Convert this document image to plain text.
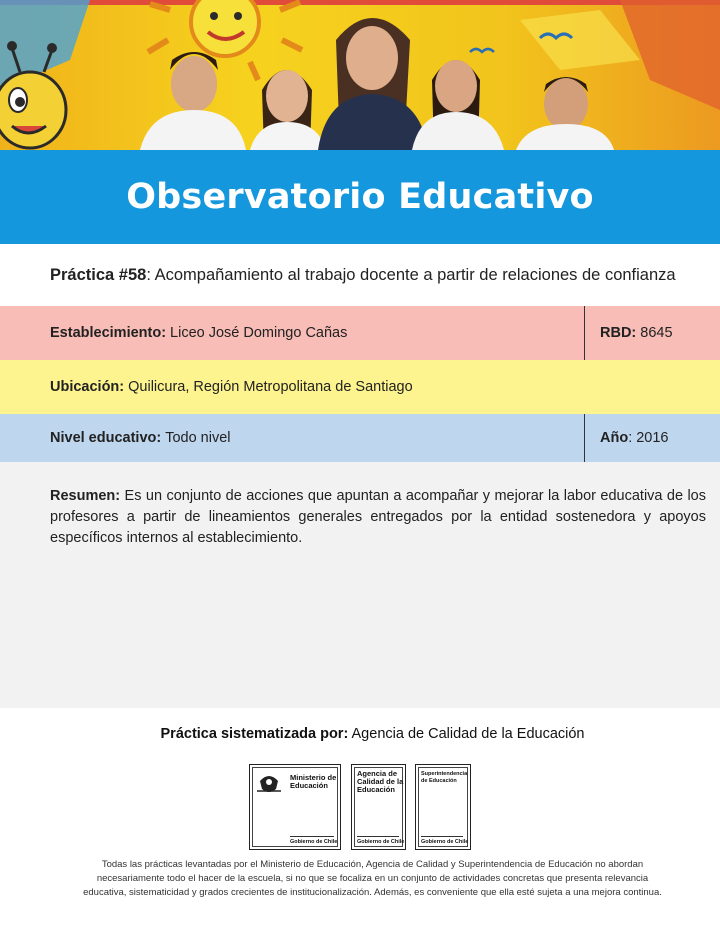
Observatorio Educativo
Práctica #58 : Acompañamiento al trabajo docente a partir de relaciones de confianza
Establecimiento: Liceo José Domingo Cañas	RBD: 8645
Ubicación: Quilicura, Región Metropolitana de Santiago
Nivel educativo: Todo nivel	Año : 2016
Resumen: Es un conjunto de acciones que apuntan a acompañar y mejorar la labor educativa de los profesores a partir de lineamientos generales entregados por la entidad sostenedora y apoyos específicos internos al establecimiento.
Práctica sistematizada por: Agencia de Calidad de la Educación
Ministerio de
Educación
Gobierno de Chile
Agencia de
Calidad de la
Educación
Gobierno de Chile
Superintendencia
de Educación
Gobierno de Chile
Todas las prácticas levantadas por el Ministerio de Educación, Agencia de Calidad y Superintendencia de Educación no abordan
necesariamente todo el hacer de la escuela, si no que se focaliza en un conjunto de actividades concretas que presenta relevancia
educativa, sistematicidad y grados crecientes de institucionalización. Además, es conveniente que ella esté sujeta a una mejora continua.
